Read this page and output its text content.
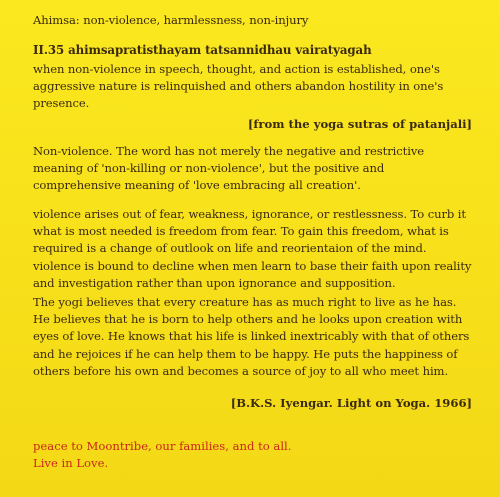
Ahimsa: non-violence, harmlessness, non-injury

II.35 ahimsapratisthayam tatsannidhau vairatyagah

when non-violence in speech, thought, and action is established, one's aggressive nature is relinquished and others abandon hostility in one's presence.

[from the yoga sutras of patanjali]

Non-violence. The word has not merely the negative and restrictive meaning of 'non-killing or non-violence', but the positive and comprehensive meaning of 'love embracing all creation'.

violence arises out of fear, weakness, ignorance, or restlessness. To curb it what is most needed is freedom from fear. To gain this freedom, what is required is a change of outlook on life and reorientaion of the mind. violence is bound to decline when men learn to base their faith upon reality and investigation rather than upon ignorance and supposition.

The yogi believes that every creature has as much right to live as he has. He believes that he is born to help others and he looks upon creation with eyes of love. He knows that his life is linked inextricably with that of others and he rejoices if he can help them to be happy. He puts the happiness of others before his own and becomes a source of joy to all who meet him.

[B.K.S. Iyengar. Light on Yoga. 1966]

peace to Moontribe, our families, and to all.

Live in Love.
